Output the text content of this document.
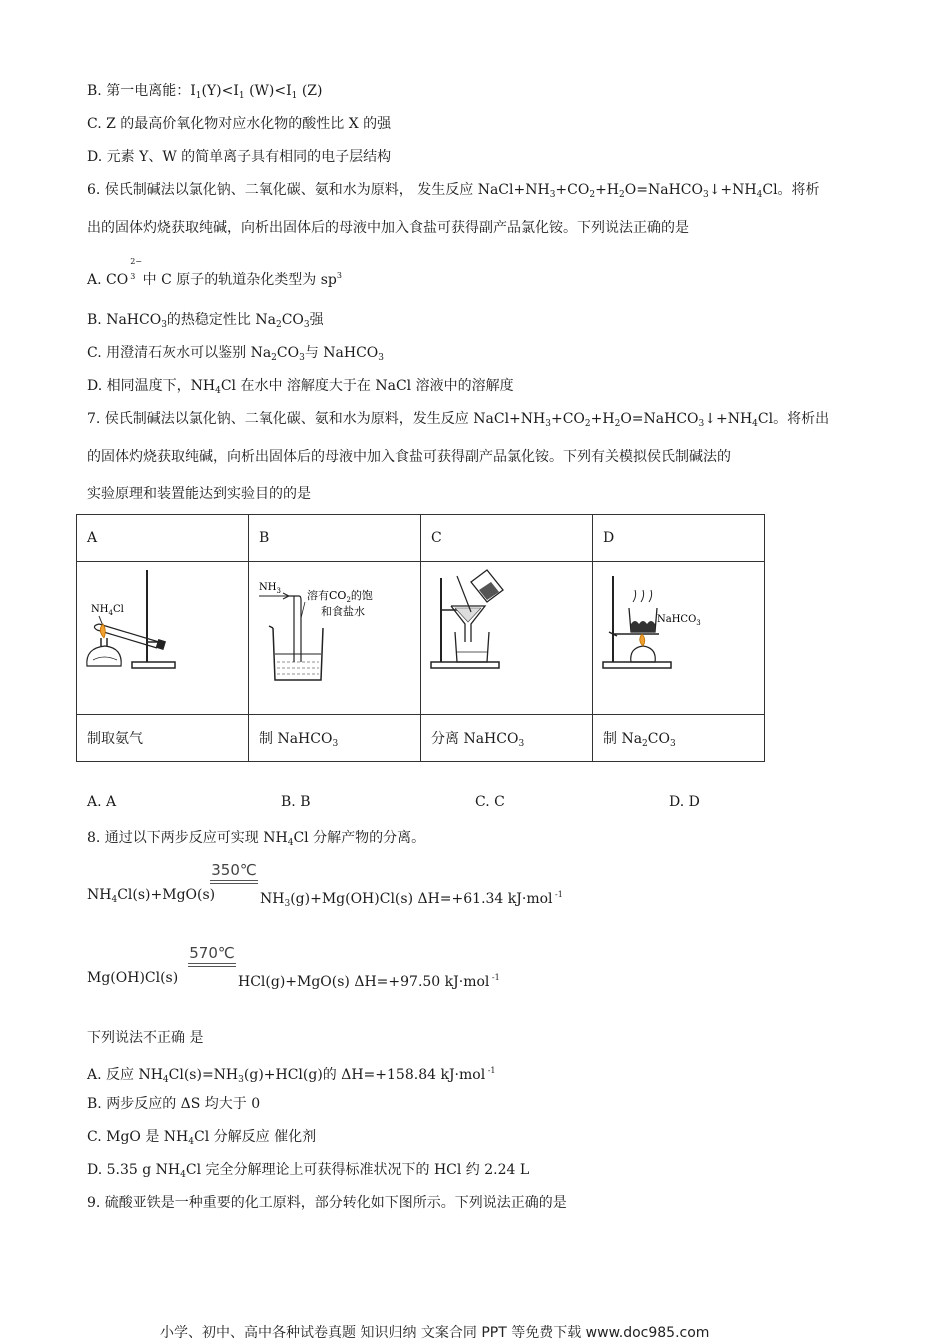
B. 第一电离能：$I_1(Y)<I_1$ $(W)<I_1$ (Z)
C. Z 的最高价氧化物对应水化物的酸性比 X 的强
D. 元素 Y、W 的简单离子具有相同的电子层结构
6. 侯氏制碱法以氯化钠、二氧化碳、氨和水为原料， 发生反应 $NaCl+NH_3+CO_2+H_2O=NaHCO_3↓+NH_4Cl$。将析
出的固体灼烧获取纯碱，向析出固体后的母液中加入食盐可获得副产品氯化铵。下列说法正确的是
A. CO
2−
3 中 C 原子的轨道杂化类型为 $sp^3$
B. NaHCO$_3$的热稳定性比 $Na_2CO_3$强
C. 用澄清石灰水可以鉴别 $Na_2CO_3$与 NaHCO$_3$
D. 相同温度下，$NH_4Cl$ 在水中 溶解度大于在 NaCl 溶液中的溶解度
7. 侯氏制碱法以氯化钠、二氧化碳、氨和水为原料，发生反应 $NaCl+NH_3+CO_2+H_2O=NaHCO_3↓+NH_4Cl$。将析出
的固体灼烧获取纯碱，向析出固体后的母液中加入食盐可获得副产品氯化铵。下列有关模拟侯氏制碱法的
实验原理和装置能达到实验目的的是
A	B	C	D

$NH_4Cl$	$NH_3$ 溶有$CO_2$的饱
和食盐水		NaHCO$_3$

制取氨气	制 NaHCO$_3$	分离 NaHCO$_3$	制 $Na_2CO_3$
A. A	B. B	C. C	D. D
8. 通过以下两步反应可实现 $NH_4Cl$ 分解产物的分离。
$NH_4Cl(s)+MgO(s)$
350℃
$NH_3(g)+Mg(OH)Cl(s)$ ΔH=+61.34 kJ·mol $^{-1}$
Mg(OH)Cl(s)
570℃
HCl(g)+MgO(s) ΔH=+97.50 kJ·mol $^{-1}$
下列说法不正确 是
A. 反应 $NH_4Cl(s)=NH_3(g)+HCl(g)$的 ΔH=+158.84 kJ·mol $^{-1}$
B. 两步反应的 ΔS 均大于 0
C. MgO 是 $NH_4Cl$ 分解反应 催化剂
D. 5.35 g $NH_4Cl$ 完全分解理论上可获得标准状况下的 HCl 约 2.24 L
9. 硫酸亚铁是一种重要的化工原料，部分转化如下图所示。下列说法正确的是
小学、初中、高中各种试卷真题 知识归纳 文案合同 PPT 等免费下载 www.doc985.com
